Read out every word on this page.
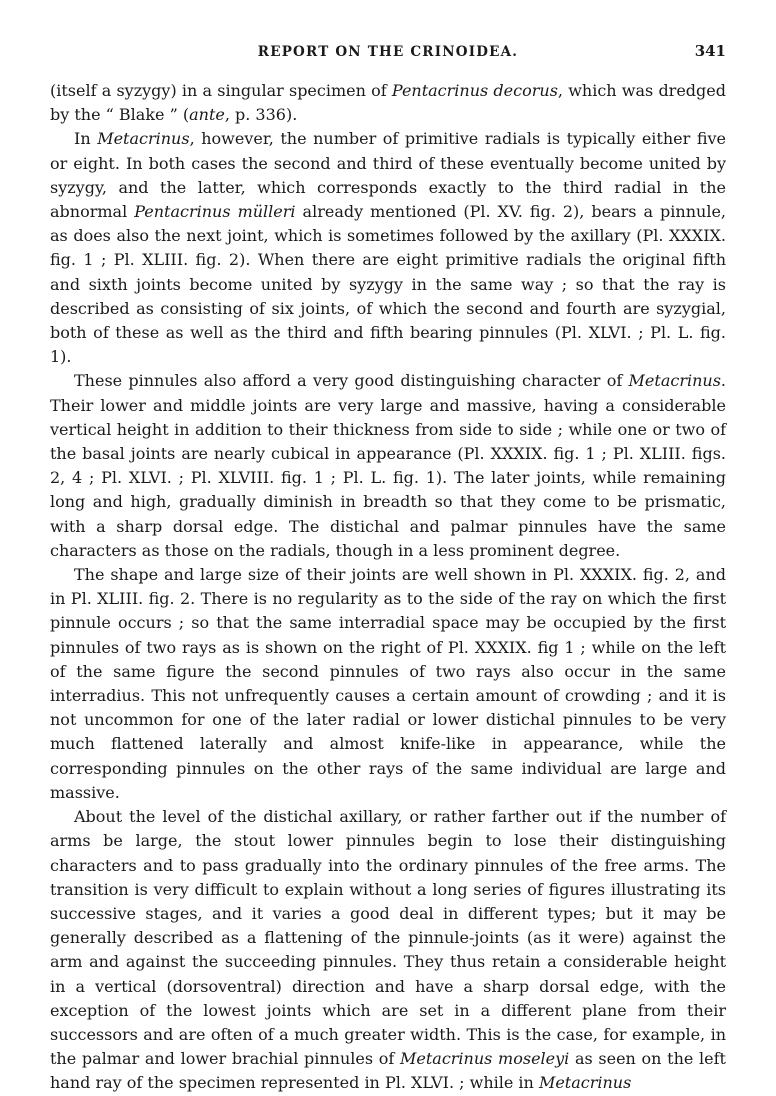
REPORT ON THE CRINOIDEA.	341

(itself a syzygy) in a singular specimen of Pentacrinus decorus, which was dredged by the “ Blake ” (ante, p. 336).

In Metacrinus, however, the number of primitive radials is typically either five or eight. In both cases the second and third of these eventually become united by syzygy, and the latter, which corresponds exactly to the third radial in the abnormal Pentacrinus mülleri already mentioned (Pl. XV. fig. 2), bears a pinnule, as does also the next joint, which is sometimes followed by the axillary (Pl. XXXIX. fig. 1 ; Pl. XLIII. fig. 2). When there are eight primitive radials the original fifth and sixth joints become united by syzygy in the same way ; so that the ray is described as consisting of six joints, of which the second and fourth are syzygial, both of these as well as the third and fifth bearing pinnules (Pl. XLVI. ; Pl. L. fig. 1).

These pinnules also afford a very good distinguishing character of Metacrinus. Their lower and middle joints are very large and massive, having a considerable vertical height in addition to their thickness from side to side ; while one or two of the basal joints are nearly cubical in appearance (Pl. XXXIX. fig. 1 ; Pl. XLIII. figs. 2, 4 ; Pl. XLVI. ; Pl. XLVIII. fig. 1 ; Pl. L. fig. 1). The later joints, while remaining long and high, gradually diminish in breadth so that they come to be prismatic, with a sharp dorsal edge. The distichal and palmar pinnules have the same characters as those on the radials, though in a less prominent degree.

The shape and large size of their joints are well shown in Pl. XXXIX. fig. 2, and in Pl. XLIII. fig. 2. There is no regularity as to the side of the ray on which the first pinnule occurs ; so that the same interradial space may be occupied by the first pinnules of two rays as is shown on the right of Pl. XXXIX. fig 1 ; while on the left of the same figure the second pinnules of two rays also occur in the same interradius. This not unfrequently causes a certain amount of crowding ; and it is not uncommon for one of the later radial or lower distichal pinnules to be very much flattened laterally and almost knife-like in appearance, while the corresponding pinnules on the other rays of the same individual are large and massive.

About the level of the distichal axillary, or rather farther out if the number of arms be large, the stout lower pinnules begin to lose their distinguishing characters and to pass gradually into the ordinary pinnules of the free arms. The transition is very difficult to explain without a long series of figures illustrating its successive stages, and it varies a good deal in different types; but it may be generally described as a flattening of the pinnule-joints (as it were) against the arm and against the succeeding pinnules. They thus retain a considerable height in a vertical (dorsoventral) direction and have a sharp dorsal edge, with the exception of the lowest joints which are set in a different plane from their successors and are often of a much greater width. This is the case, for example, in the palmar and lower brachial pinnules of Metacrinus moseleyi as seen on the left hand ray of the specimen represented in Pl. XLVI. ; while in Metacrinus
